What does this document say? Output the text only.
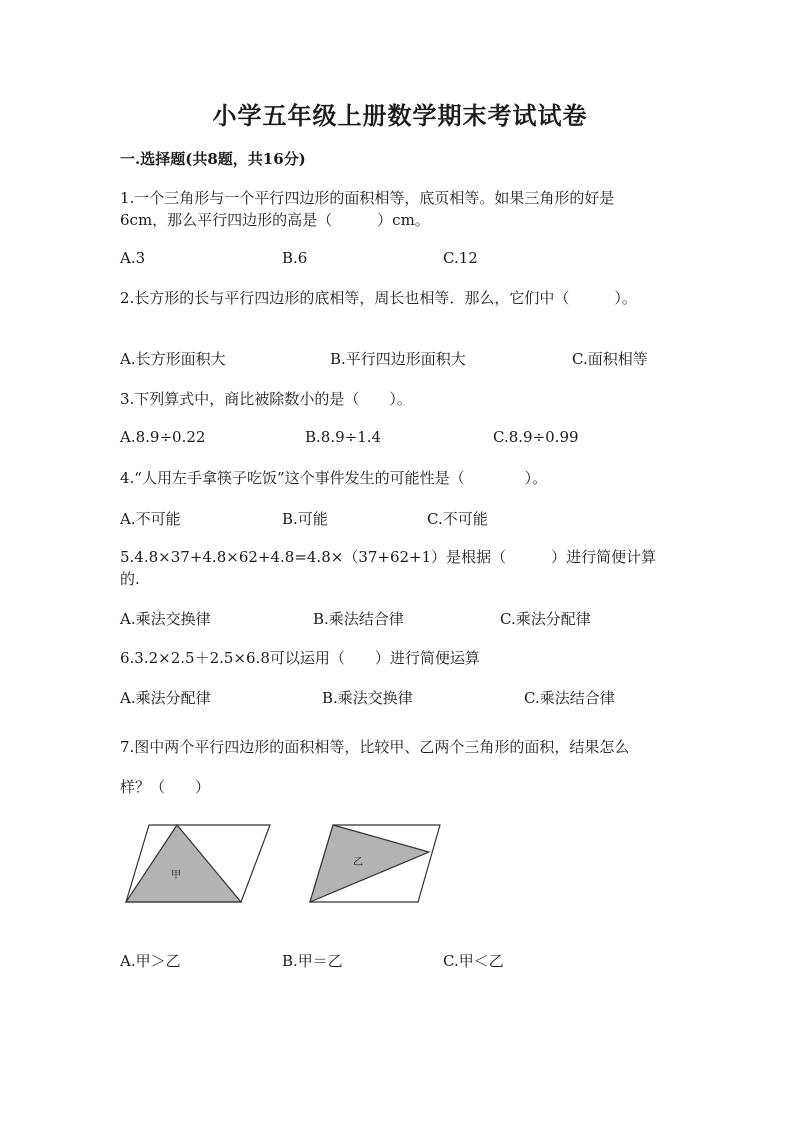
小学五年级上册数学期末考试试卷
一.选择题(共8题，共16分)
1.一个三角形与一个平行四边形的面积相等，底页相等。如果三角形的好是
6cm，那么平行四边形的高是（　　　）cm。
A.3	B.6	C.12
2.长方形的长与平行四边形的底相等，周长也相等．那么，它们中（　　　）。
A.长方形面积大	B.平行四边形面积大	C.面积相等
3.下列算式中，商比被除数小的是（　　）。
A.8.9÷0.22	B.8.9÷1.4	C.8.9÷0.99
4.“人用左手拿筷子吃饭”这个事件发生的可能性是（　　　　）。
A.不可能	B.可能	C.不可能
5.4.8×37+4.8×62+4.8=4.8×（37+62+1）是根据（　　　）进行简便计算
的.
A.乘法交换律	B.乘法结合律	C.乘法分配律
6.3.2×2.5＋2.5×6.8可以运用（　　）进行简便运算
A.乘法分配律	B.乘法交换律	C.乘法结合律
7.图中两个平行四边形的面积相等，比较甲、乙两个三角形的面积，结果怎么
样？（　　）
甲
乙
A.甲＞乙	B.甲＝乙	C.甲＜乙
